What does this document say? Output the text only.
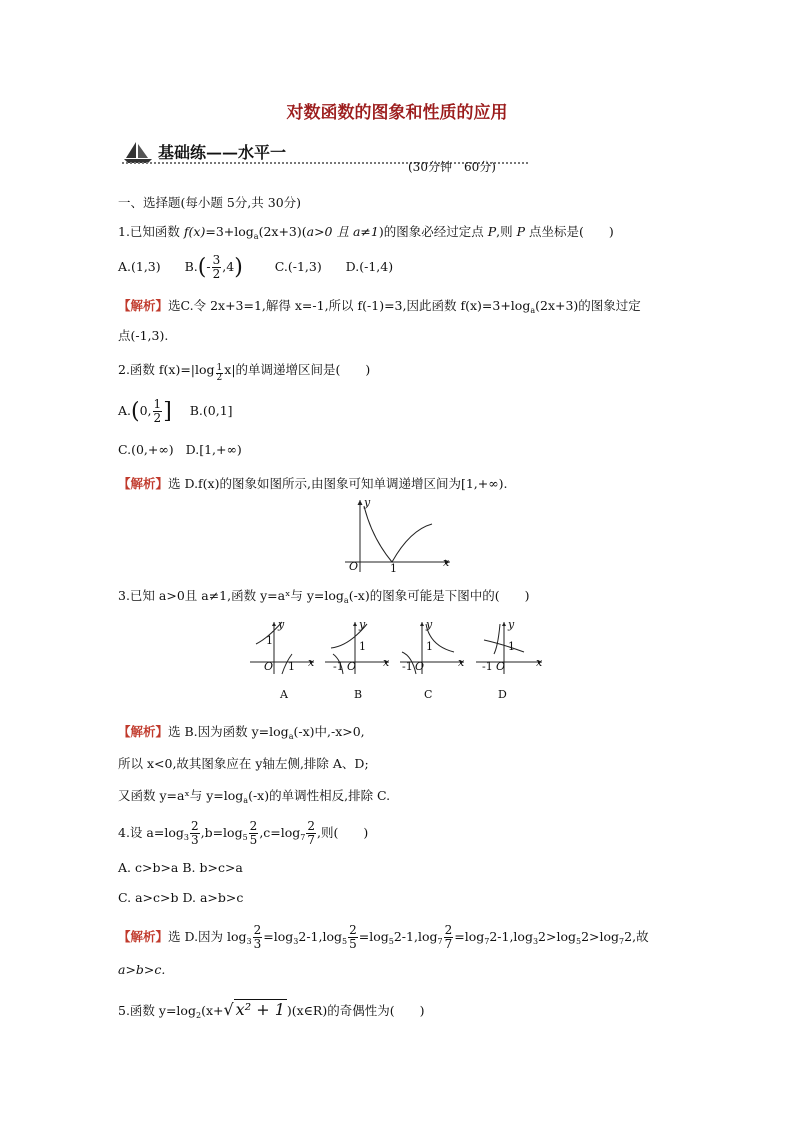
对数函数的图象和性质的应用
基础练——水平一
(30分钟　60分)
一、选择题(每小题 5分,共 30分)
1.已知函数 $f(x)=3+\log_a(2x+3)(a>0$ 且 a≠1)的图象必经过定点 P,则 P 点坐标是(　　)
A.(1,3) $B.(- \frac{3}{2} ,4)$	C.(-1,3) D.(-1,4)
【解析】选C.令 2x+3=1,解得 x=-1,所以 f(-1)=3,因此函数 $f(x)=3+\log_a(2x+3)$的图象过定
点(-1,3).
2.函数 $f(x)=|\log \frac{1}{2} x|$的单调递增区间是(　　)
A.(0, $\frac{1}{2}$ ] B.(0,1]
C.(0,+∞) D.[1,+∞)
【解析】选 D.f(x)的图象如图所示,由图象可知单调递增区间为[1,+∞).
y
x
O	1
3.已知 a>0且 a≠1,函数 y=aˣ与 $y=\log_a(-x)$的图象可能是下图中的(　　)
y
x
O
1
1
A
y
x
O
1
-1
B
y
x
O
1
-1
C
y
x
O
1
-1
D
【解析】选 B.因为函数 $y=\log_a(-x)$中,-x>0,
所以 x<0,故其图象应在 y轴左侧,排除 A、D;
又函数 y=aˣ与 $y=\log_a(-x)$的单调性相反,排除 C.
4.设 $a=\log_3 \frac{2}{3} ,b=\log_5 \frac{2}{5} ,c=\log_7 \frac{2}{7}$ ,则(　　)
A. c>b>a B. b>c>a
C. a>c>b D. a>b>c
【解析】选 D.因为 $\log_3 \frac{2}{3} =\log_32-1,\log_5 \frac{2}{5} =\log_52-1,\log_7 \frac{2}{7} =\log_72-1,\log_32>\log_52>\log_72$,故
a>b>c.
5.函数 $y=\log_2(x+√$ x² + 1 )(x∈R)的奇偶性为(　　)
